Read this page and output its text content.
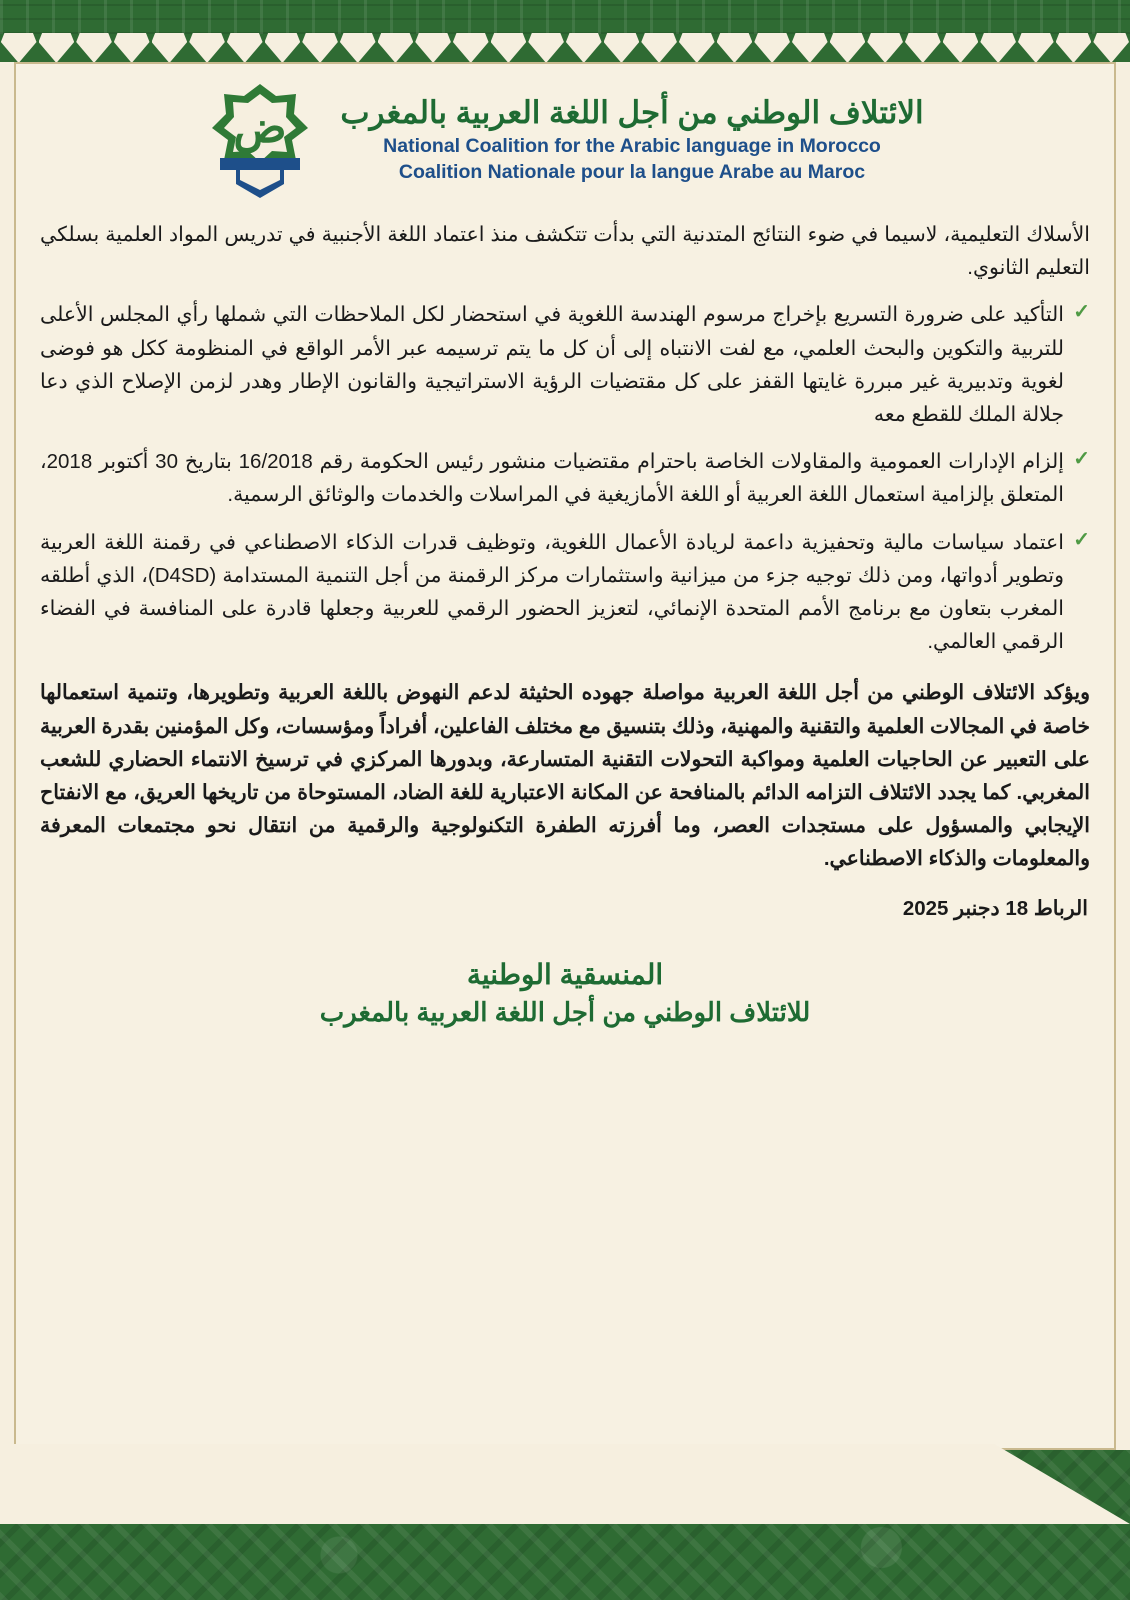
الائتلاف الوطني من أجل اللغة العربية بالمغرب
National Coalition for the Arabic language in Morocco
Coalition Nationale pour la langue Arabe au Maroc
ض

الأسلاك التعليمية، لاسيما في ضوء النتائج المتدنية التي بدأت تتكشف منذ اعتماد اللغة الأجنبية في تدريس المواد العلمية بسلكي التعليم الثانوي.

✓

التأكيد على ضرورة التسريع بإخراج مرسوم الهندسة اللغوية في استحضار لكل الملاحظات التي شملها رأي المجلس الأعلى للتربية والتكوين والبحث العلمي، مع لفت الانتباه إلى أن كل ما يتم ترسيمه عبر الأمر الواقع في المنظومة ككل هو فوضى لغوية وتدبيرية غير مبررة غايتها القفز على كل مقتضيات الرؤية الاستراتيجية والقانون الإطار وهدر لزمن الإصلاح الذي دعا جلالة الملك للقطع معه

✓

إلزام الإدارات العمومية والمقاولات الخاصة باحترام مقتضيات منشور رئيس الحكومة رقم 16/2018 بتاريخ 30 أكتوبر 2018، المتعلق بإلزامية استعمال اللغة العربية أو اللغة الأمازيغية في المراسلات والخدمات والوثائق الرسمية.

✓

اعتماد سياسات مالية وتحفيزية داعمة لريادة الأعمال اللغوية، وتوظيف قدرات الذكاء الاصطناعي في رقمنة اللغة العربية وتطوير أدواتها، ومن ذلك توجيه جزء من ميزانية واستثمارات مركز الرقمنة من أجل التنمية المستدامة (D4SD)، الذي أطلقه المغرب بتعاون مع برنامج الأمم المتحدة الإنمائي، لتعزيز الحضور الرقمي للعربية وجعلها قادرة على المنافسة في الفضاء الرقمي العالمي.

ويؤكد الائتلاف الوطني من أجل اللغة العربية مواصلة جهوده الحثيثة لدعم النهوض باللغة العربية وتطويرها، وتنمية استعمالها خاصة في المجالات العلمية والتقنية والمهنية، وذلك بتنسيق مع مختلف الفاعلين، أفراداً ومؤسسات، وكل المؤمنين بقدرة العربية على التعبير عن الحاجيات العلمية ومواكبة التحولات التقنية المتسارعة، وبدورها المركزي في ترسيخ الانتماء الحضاري للشعب المغربي. كما يجدد الائتلاف التزامه الدائم بالمنافحة عن المكانة الاعتبارية للغة الضاد، المستوحاة من تاريخها العريق، مع الانفتاح الإيجابي والمسؤول على مستجدات العصر، وما أفرزته الطفرة التكنولوجية والرقمية من انتقال نحو مجتمعات المعرفة والمعلومات والذكاء الاصطناعي.

الرباط 18 دجنبر 2025
المنسقية الوطنية
للائتلاف الوطني من أجل اللغة العربية بالمغرب
